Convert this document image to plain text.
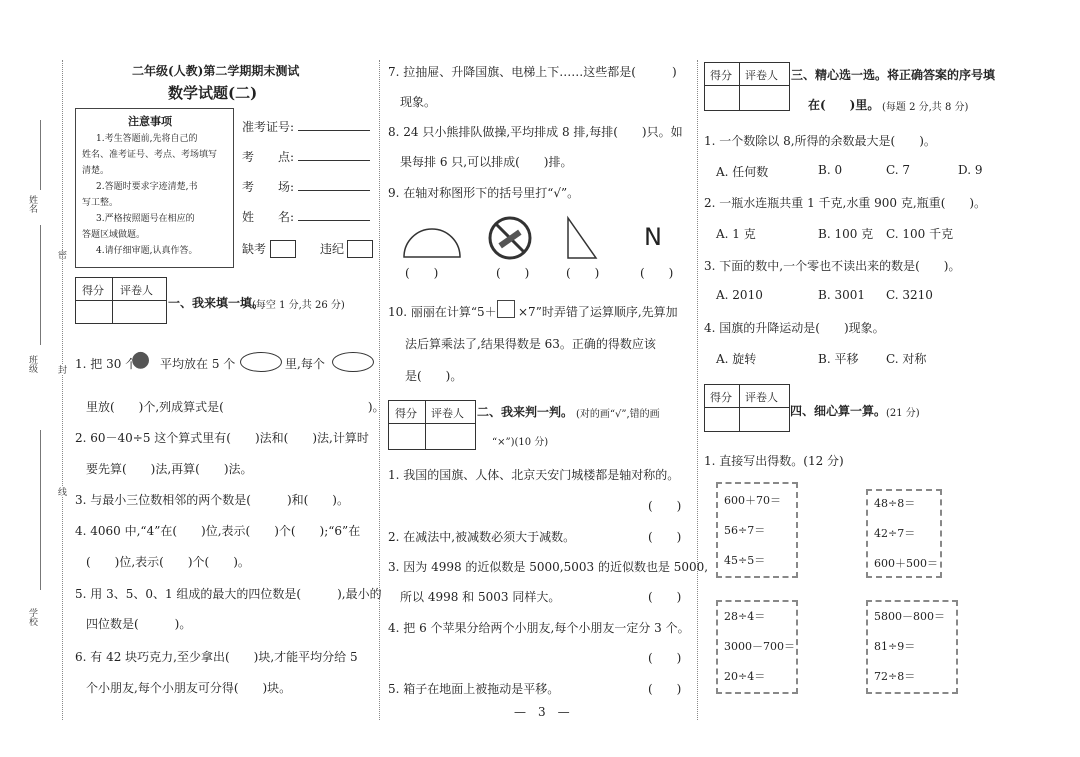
姓名
班级
学校
密
封
线
二年级(人教)第二学期期末测试
数学试题(二)
注意事项
1.考生答题前,先将自己的
姓名、准考证号、考点、考场填写
清楚。
2.答题时要求字迹清楚,书
写工整。
3.严格按照题号在相应的
答题区域做题。
4.请仔细审题,认真作答。
准考证号:
考　　点:
考　　场:
姓　　名:
缺考	违纪
得分 评卷人
一、我来填一填。
(每空 1 分,共 26 分)
1. 把 30 个
● 平均放在 5 个	里,每个
里放(　　)个,列成算式是(　　　　　　　　　　　　)。
2. 60－40÷5 这个算式里有(　　)法和(　　)法,计算时
要先算(　　)法,再算(　　)法。
3. 与最小三位数相邻的两个数是(　　　)和(　　)。
4. 4060 中,“4”在(　　)位,表示(　　)个(　　);“6”在
(　　)位,表示(　　)个(　　)。
5. 用 3、5、0、1 组成的最大的四位数是(　　　),最小的
四位数是(　　　)。
6. 有 42 块巧克力,至少拿出(　　)块,才能平均分给 5
个小朋友,每个小朋友可分得(　　)块。
7. 拉抽屉、升降国旗、电梯上下……这些都是(　　　)
现象。
8. 24 只小熊排队做操,平均排成 8 排,每排(　　)只。如
果每排 6 只,可以排成(　　)排。
9. 在轴对称图形下的括号里打“√”。
N
(　　)	(　　)	(　　)	(　　)
10. 丽丽在计算“5＋ ×7”时弄错了运算顺序,先算加
法后算乘法了,结果得数是 63。正确的得数应该
是(　　)。
得分 评卷人 二、我来判一判。 (对的画“√”,错的画
“×”)(10 分)
1. 我国的国旗、人体、北京天安门城楼都是轴对称的。
(　　)
2. 在减法中,被减数必须大于减数。	(　　)
3. 因为 4998 的近似数是 5000,5003 的近似数也是 5000,
所以 4998 和 5003 同样大。	(　　)
4. 把 6 个苹果分给两个小朋友,每个小朋友一定分 3 个。
(　　)
5. 箱子在地面上被拖动是平移。	(　　)
—　3　—
得分 评卷人 三、精心选一选。将正确答案的序号填
在(　　)里。 (每题 2 分,共 8 分)
1. 一个数除以 8,所得的余数最大是(　　)。
A. 任何数	B. 0	C. 7	D. 9
2. 一瓶水连瓶共重 1 千克,水重 900 克,瓶重(　　)。
A. 1 克	B. 100 克 C. 100 千克
3. 下面的数中,一个零也不读出来的数是(　　)。
A. 2010	B. 3001 C. 3210
4. 国旗的升降运动是(　　)现象。
A. 旋转	B. 平移 C. 对称
得分 评卷人
四、细心算一算。 (21 分)
1. 直接写出得数。(12 分)
600＋70＝
56÷7＝
45÷5＝
48÷8＝
42÷7＝
600＋500＝
28÷4＝
3000－700＝
20÷4＝
5800－800＝
81÷9＝
72÷8＝
